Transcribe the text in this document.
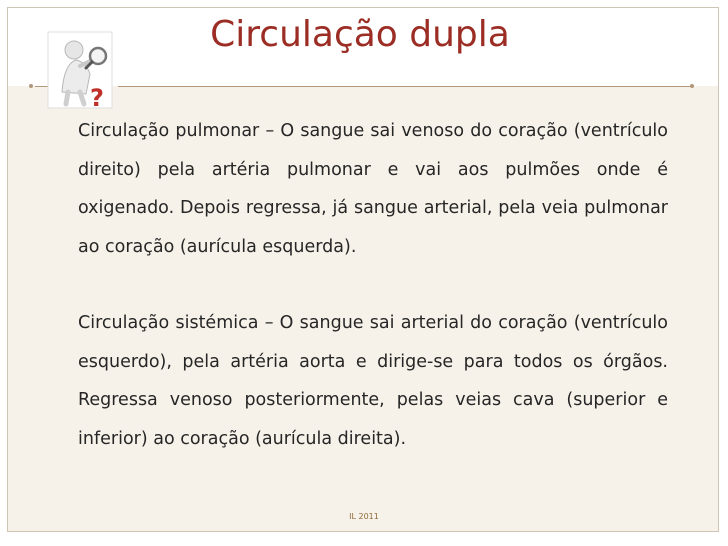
Circulação dupla
?

Circulação pulmonar – O sangue sai venoso do coração (ventrículo direito) pela artéria pulmonar e vai aos pulmões onde é oxigenado. Depois regressa, já sangue arterial, pela veia pulmonar ao coração (aurícula esquerda).

Circulação sistémica – O sangue sai arterial do coração (ventrículo esquerdo), pela artéria aorta e dirige-se para todos os órgãos. Regressa venoso posteriormente, pelas veias cava (superior e inferior) ao coração (aurícula direita).

IL 2011
